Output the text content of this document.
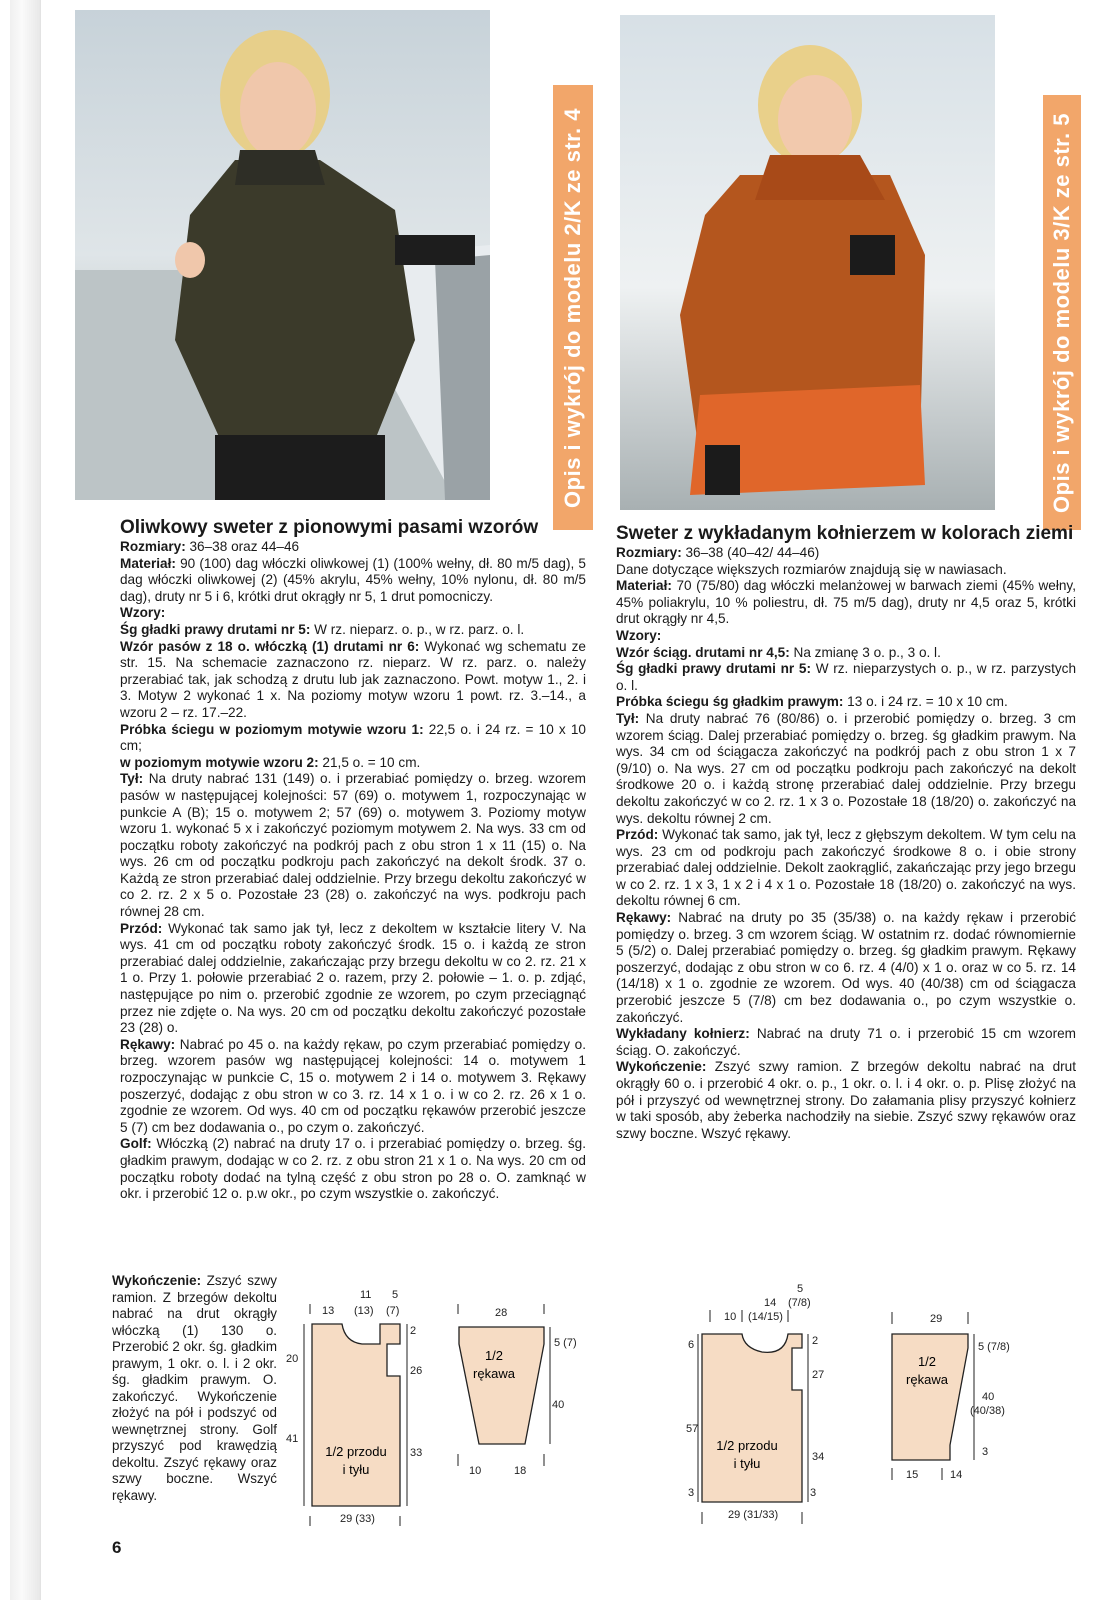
Opis i wykrój do modelu 2/K ze str. 4	Opis i wykrój do modelu 3/K ze str. 5
Oliwkowy sweter z pionowymi pasami wzorów

Rozmiary: 36–38 oraz 44–46

Materiał: 90 (100) dag włóczki oliwkowej (1) (100% wełny, dł. 80 m/5 dag), 5 dag włóczki oliwkowej (2) (45% akrylu, 45% wełny, 10% nylonu, dł. 80 m/5 dag), druty nr 5 i 6, krótki drut okrągły nr 5, 1 drut pomocniczy.

Wzory:

Śg gładki prawy drutami nr 5: W rz. nieparz. o. p., w rz. parz. o. l.

Wzór pasów z 18 o. włóczką (1) drutami nr 6: Wykonać wg schematu ze str. 15. Na schemacie zaznaczono rz. nieparz. W rz. parz. o. należy przerabiać tak, jak schodzą z drutu lub jak zaznaczono. Powt. motyw 1., 2. i 3. Motyw 2 wykonać 1 x. Na poziomy motyw wzoru 1 powt. rz. 3.–14., a wzoru 2 – rz. 17.–22.

Próbka ściegu w poziomym motywie wzoru 1: 22,5 o. i 24 rz. = 10 x 10 cm;

w poziomym motywie wzoru 2: 21,5 o. = 10 cm.

Tył: Na druty nabrać 131 (149) o. i przerabiać pomiędzy o. brzeg. wzorem pasów w następującej kolejności: 57 (69) o. motywem 1, rozpoczynając w punkcie A (B); 15 o. motywem 2; 57 (69) o. motywem 3. Poziomy motyw wzoru 1. wykonać 5 x i zakończyć poziomym motywem 2. Na wys. 33 cm od początku roboty zakończyć na podkrój pach z obu stron 1 x 11 (15) o. Na wys. 26 cm od początku podkroju pach zakończyć na dekolt środk. 37 o. Każdą ze stron przerabiać dalej oddzielnie. Przy brzegu dekoltu zakończyć w co 2. rz. 2 x 5 o. Pozostałe 23 (28) o. zakończyć na wys. podkroju pach równej 28 cm.

Przód: Wykonać tak samo jak tył, lecz z dekoltem w kształcie litery V. Na wys. 41 cm od początku roboty zakończyć środk. 15 o. i każdą ze stron przerabiać dalej oddzielnie, zakańczając przy brzegu dekoltu w co 2. rz. 21 x 1 o. Przy 1. połowie przerabiać 2 o. razem, przy 2. połowie – 1. o. p. zdjąć, następujące po nim o. przerobić zgodnie ze wzorem, po czym przeciągnąć przez nie zdjęte o. Na wys. 20 cm od początku dekoltu zakończyć pozostałe 23 (28) o.

Rękawy: Nabrać po 45 o. na każdy rękaw, po czym przerabiać pomiędzy o. brzeg. wzorem pasów wg następującej kolejności: 14 o. motywem 1 rozpoczynając w punkcie C, 15 o. motywem 2 i 14 o. motywem 3. Rękawy poszerzyć, dodając z obu stron w co 3. rz. 14 x 1 o. i w co 2. rz. 26 x 1 o. zgodnie ze wzorem. Od wys. 40 cm od początku rękawów przerobić jeszcze 5 (7) cm bez dodawania o., po czym o. zakończyć.

Golf: Włóczką (2) nabrać na druty 17 o. i przerabiać pomiędzy o. brzeg. śg. gładkim prawym, dodając w co 2. rz. z obu stron 21 x 1 o. Na wys. 20 cm od początku roboty dodać na tylną część z obu stron po 28 o. O. zamknąć w okr. i przerobić 12 o. p.w okr., po czym wszystkie o. zakończyć.

Wykończenie: Zszyć szwy ramion. Z brzegów dekoltu nabrać na drut okrągły włóczką (1) 130 o. Przerobić 2 okr. śg. gładkim prawym, 1 okr. o. l. i 2 okr. śg. gładkim prawym. O. zakończyć. Wykończenie złożyć na pół i podszyć od wewnętrznej strony. Golf przyszyć pod krawędzią dekoltu. Zszyć rękawy oraz szwy boczne. Wszyć rękawy.

11 5
13 (13) (7)
2
20
26
41
33
29 (33)
28
5 (7)
40
10	18
1/2 przodu
i tyłu
1/2
rękawa
Sweter z wykładanym kołnierzem w kolorach ziemi

Rozmiary: 36–38 (40–42/ 44–46)

Dane dotyczące większych rozmiarów znajdują się w nawiasach.

Materiał: 70 (75/80) dag włóczki melanżowej w barwach ziemi (45% wełny, 45% poliakrylu, 10 % poliestru, dł. 75 m/5 dag), druty nr 4,5 oraz 5, krótki drut okrągły nr 4,5.

Wzory:

Wzór ściąg. drutami nr 4,5: Na zmianę 3 o. p., 3 o. l.

Śg gładki prawy drutami nr 5: W rz. nieparzystych o. p., w rz. parzystych o. l.

Próbka ściegu śg gładkim prawym: 13 o. i 24 rz. = 10 x 10 cm.

Tył: Na druty nabrać 76 (80/86) o. i przerobić pomiędzy o. brzeg. 3 cm wzorem ściąg. Dalej przerabiać pomiędzy o. brzeg. śg gładkim prawym. Na wys. 34 cm od ściągacza zakończyć na podkrój pach z obu stron 1 x 7 (9/10) o. Na wys. 27 cm od początku podkroju pach zakończyć na dekolt środkowe 20 o. i każdą stronę przerabiać dalej oddzielnie. Przy brzegu dekoltu zakończyć w co 2. rz. 1 x 3 o. Pozostałe 18 (18/20) o. zakończyć na wys. dekoltu równej 2 cm.

Przód: Wykonać tak samo, jak tył, lecz z głębszym dekoltem. W tym celu na wys. 23 cm od podkroju pach zakończyć środkowe 8 o. i obie strony przerabiać dalej oddzielnie. Dekolt zaokrąglić, zakańczając przy jego brzegu w co 2. rz. 1 x 3, 1 x 2 i 4 x 1 o. Pozostałe 18 (18/20) o. zakończyć na wys. dekoltu równej 6 cm.

Rękawy: Nabrać na druty po 35 (35/38) o. na każdy rękaw i przerobić pomiędzy o. brzeg. 3 cm wzorem ściąg. W ostatnim rz. dodać równomiernie 5 (5/2) o. Dalej przerabiać pomiędzy o. brzeg. śg gładkim prawym. Rękawy poszerzyć, dodając z obu stron w co 6. rz. 4 (4/0) x 1 o. oraz w co 5. rz. 14 (14/18) x 1 o. zgodnie ze wzorem. Od wys. 40 (40/38) cm od ściągacza przerobić jeszcze 5 (7/8) cm bez dodawania o., po czym wszystkie o. zakończyć.

Wykładany kołnierz: Nabrać na druty 71 o. i przerobić 15 cm wzorem ściąg. O. zakończyć.

Wykończenie: Zszyć szwy ramion. Z brzegów dekoltu nabrać na drut okrągły 60 o. i przerobić 4 okr. o. p., 1 okr. o. l. i 4 okr. o. p. Plisę złożyć na pół i przyszyć od wewnętrznej strony. Do załamania plisy przyszyć kołnierz w taki sposób, aby żeberka nachodziły na siebie. Zszyć szwy rękawów oraz szwy boczne. Wszyć rękawy.

5
14 (7/8)
10 (14/15)
6	2
27
57
34
3	3
29 (31/33)
29
5 (7/8)
40
(40/38)
3
15	14
1/2 przodu
i tyłu
1/2
rękawa
6
